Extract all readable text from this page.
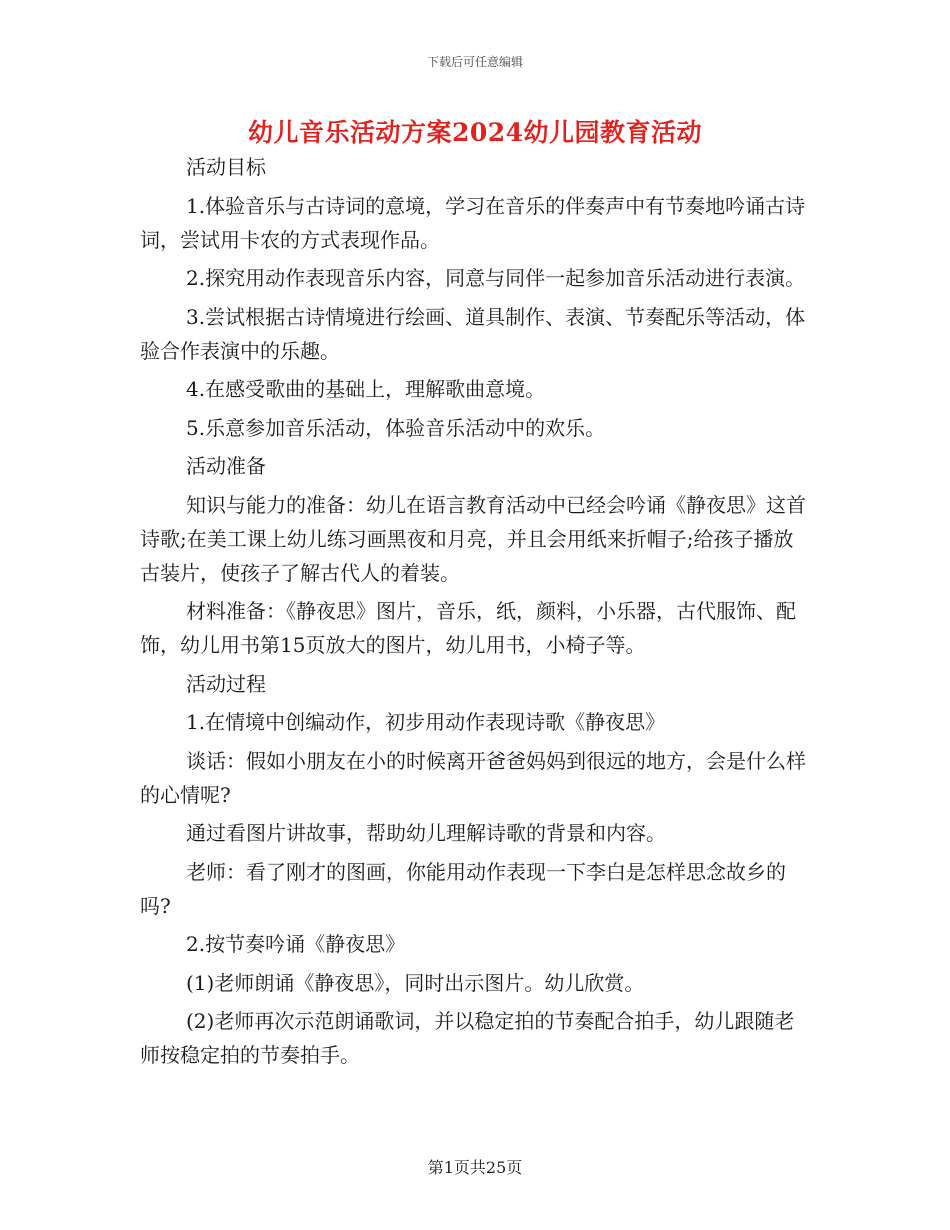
下载后可任意编辑
幼儿音乐活动方案2024幼儿园教育活动

活动目标

1.体验音乐与古诗词的意境，学习在音乐的伴奏声中有节奏地吟诵古诗词，尝试用卡农的方式表现作品。

2.探究用动作表现音乐内容，同意与同伴一起参加音乐活动进行表演。

3.尝试根据古诗情境进行绘画、道具制作、表演、节奏配乐等活动，体验合作表演中的乐趣。

4.在感受歌曲的基础上，理解歌曲意境。

5.乐意参加音乐活动，体验音乐活动中的欢乐。

活动准备

知识与能力的准备：幼儿在语言教育活动中已经会吟诵《静夜思》这首诗歌;在美工课上幼儿练习画黑夜和月亮，并且会用纸来折帽子;给孩子播放古装片，使孩子了解古代人的着装。

材料准备：《静夜思》图片，音乐，纸，颜料，小乐器，古代服饰、配饰，幼儿用书第15页放大的图片，幼儿用书，小椅子等。

活动过程

1.在情境中创编动作，初步用动作表现诗歌《静夜思》

谈话：假如小朋友在小的时候离开爸爸妈妈到很远的地方，会是什么样的心情呢?

通过看图片讲故事，帮助幼儿理解诗歌的背景和内容。

老师：看了刚才的图画，你能用动作表现一下李白是怎样思念故乡的吗?

2.按节奏吟诵《静夜思》

(1)老师朗诵《静夜思》，同时出示图片。幼儿欣赏。

(2)老师再次示范朗诵歌词，并以稳定拍的节奏配合拍手，幼儿跟随老师按稳定拍的节奏拍手。

第1页共25页
